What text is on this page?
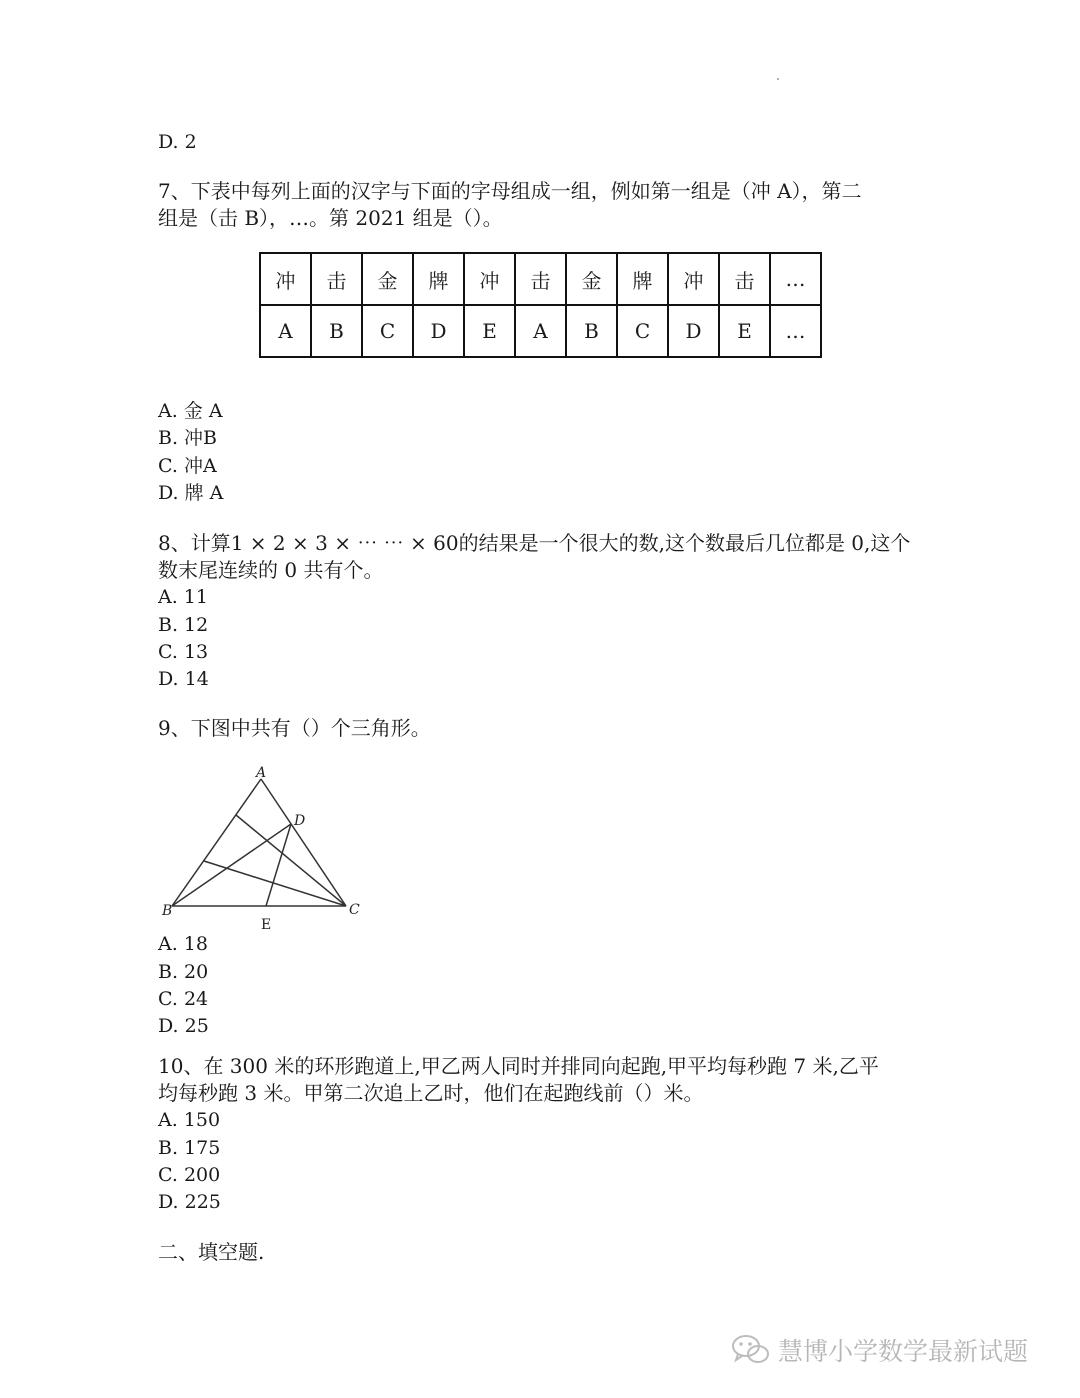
D. 2
7、下表中每列上面的汉字与下面的字母组成一组，例如第一组是（冲 A），第二
组是（击 B），…。第 2021 组是（）。
冲	击	金	牌	冲	击	金	牌	冲	击	…
A	B	C	D	E	A	B	C	D	E	…
A. 金 A
B. 冲B
C. 冲A
D. 牌 A
8、计算1 × 2 × 3 × ⋯ ⋯ × 60的结果是一个很大的数,这个数最后几位都是 0,这个
数末尾连续的 0 共有个。
A. 11
B. 12
C. 13
D. 14
9、下图中共有（）个三角形。
A
D
B	C
E
A. 18
B. 20
C. 24
D. 25
10、在 300 米的环形跑道上,甲乙两人同时并排同向起跑,甲平均每秒跑 7 米,乙平
均每秒跑 3 米。甲第二次追上乙时，他们在起跑线前（）米。
A. 150
B. 175
C. 200
D. 225
二、填空题.
慧博小学数学最新试题
